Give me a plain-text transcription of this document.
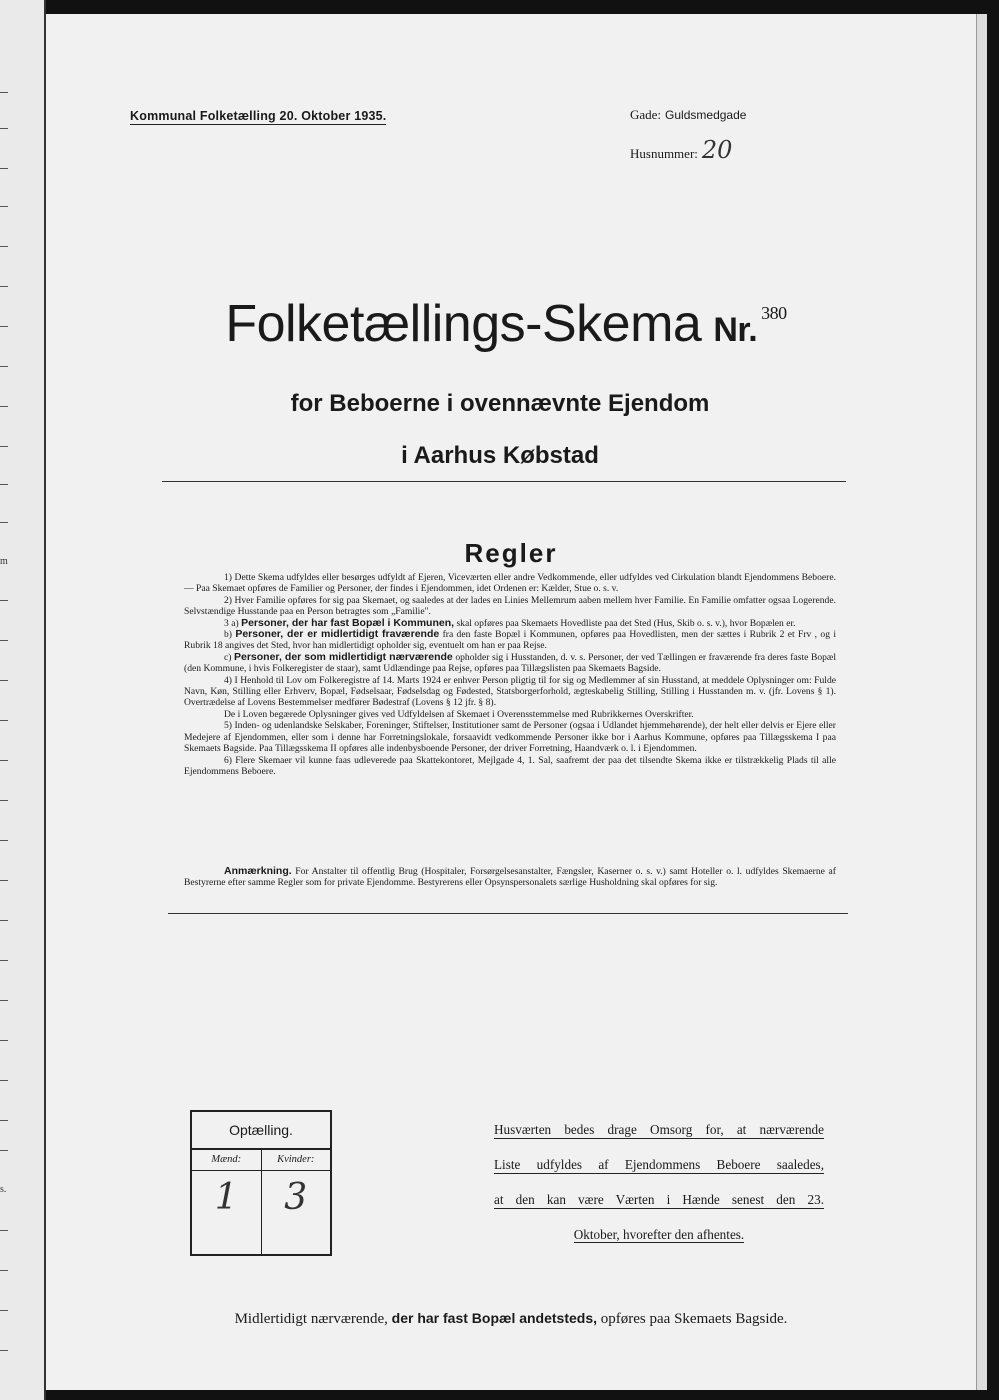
m
s.
Kommunal Folketælling 20. Oktober 1935.	Gade: Guldsmedgade
Husnummer: 20
Folketællings-Skema Nr. $^{380}$
for Beboerne i ovennævnte Ejendom
i Aarhus Købstad
Regler

1) Dette Skema udfyldes eller besørges udfyldt af Ejeren, Viceværten eller andre Vedkommende, eller udfyldes ved Cirkulation blandt Ejendommens Beboere. — Paa Skemaet opføres de Familier og Personer, der findes i Ejendommen, idet Ordenen er: Kælder, Stue o. s. v.

2) Hver Familie opføres for sig paa Skemaet, og saaledes at der lades en Linies Mellemrum aaben mellem hver Familie. En Familie omfatter ogsaa Logerende. Selvstændige Husstande paa en Person betragtes som „Familie".

3 a) Personer, der har fast Bopæl i Kommunen, skal opføres paa Skemaets Hovedliste paa det Sted (Hus, Skib o. s. v.), hvor Bopælen er.

b) Personer, der er midlertidigt fraværende fra den faste Bopæl i Kommunen, opføres paa Hovedlisten, men der sættes i Rubrik 2 et Frv , og i Rubrik 18 angives det Sted, hvor han midlertidigt opholder sig, eventuelt om han er paa Rejse.

c) Personer, der som midlertidigt nærværende opholder sig i Husstanden, d. v. s. Personer, der ved Tællingen er fraværende fra deres faste Bopæl (den Kommune, i hvis Folkeregister de staar), samt Udlændinge paa Rejse, opføres paa Tillægslisten paa Skemaets Bagside.

4) I Henhold til Lov om Folkeregistre af 14. Marts 1924 er enhver Person pligtig til for sig og Medlemmer af sin Husstand, at meddele Oplysninger om: Fulde Navn, Køn, Stilling eller Erhverv, Bopæl, Fødselsaar, Fødselsdag og Fødested, Statsborgerforhold, ægteskabelig Stilling, Stilling i Husstanden m. v. (jfr. Lovens § 1). Overtrædelse af Lovens Bestemmelser medfører Bødestraf (Lovens § 12 jfr. § 8).

De i Loven begærede Oplysninger gives ved Udfyldelsen af Skemaet i Overensstemmelse med Rubrikkernes Overskrifter.

5) Inden- og udenlandske Selskaber, Foreninger, Stiftelser, Institutioner samt de Personer (ogsaa i Udlandet hjemmehørende), der helt eller delvis er Ejere eller Medejere af Ejendommen, eller som i denne har Forretningslokale, forsaavidt vedkommende Personer ikke bor i Aarhus Kommune, opføres paa Tillægsskema I paa Skemaets Bagside. Paa Tillægsskema II opføres alle indenbysboende Personer, der driver Forretning, Haandværk o. l. i Ejendommen.

6) Flere Skemaer vil kunne faas udleverede paa Skattekontoret, Mejlgade 4, 1. Sal, saafremt der paa det tilsendte Skema ikke er tilstrækkelig Plads til alle Ejendommens Beboere.

Anmærkning. For Anstalter til offentlig Brug (Hospitaler, Forsørgelsesanstalter, Fængsler, Kaserner o. s. v.) samt Hoteller o. l. udfyldes Skemaerne af Bestyrerne efter samme Regler som for private Ejendomme. Bestyrerens eller Opsynspersonalets særlige Husholdning skal opføres for sig.
Optælling.
Mænd:
1
Kvinder:
3
Husværten bedes drage Omsorg for, at nærværende Liste udfyldes af Ejendommens Beboere saaledes, at den kan være Værten i Hænde senest den 23. Oktober, hvorefter den afhentes.
Midlertidigt nærværende, der har fast Bopæl andetsteds, opføres paa Skemaets Bagside.
